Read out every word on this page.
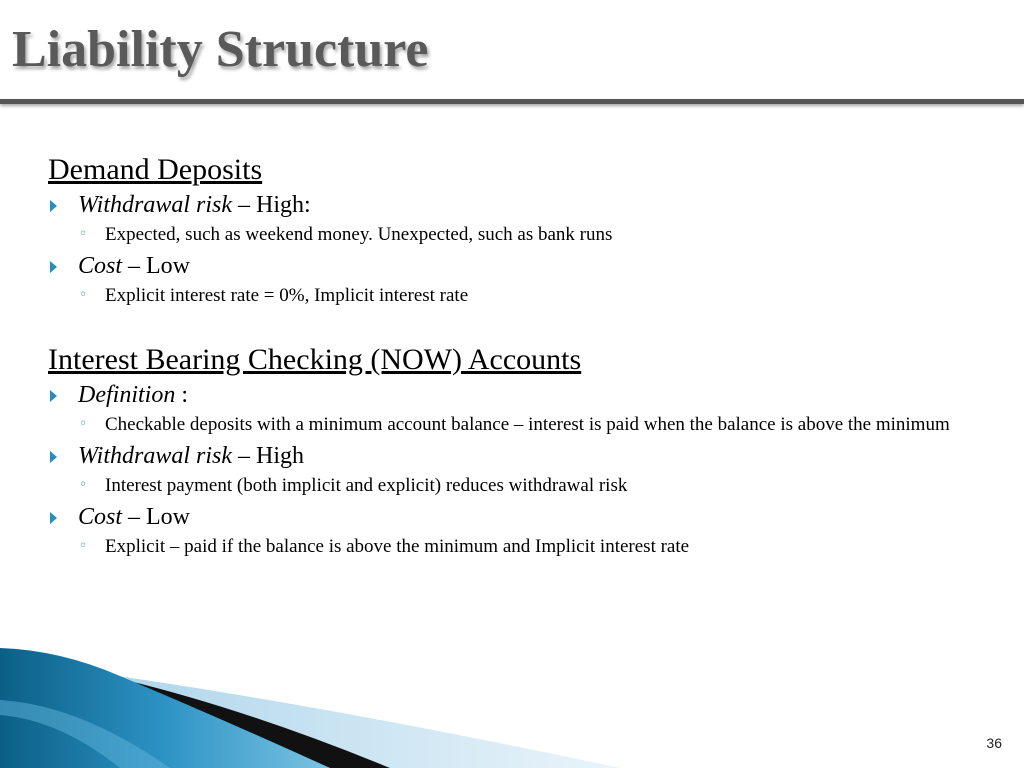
Liability Structure
Demand Deposits
Withdrawal risk – High:
◦ Expected, such as weekend money. Unexpected, such as bank runs
Cost – Low
◦ Explicit interest rate = 0%, Implicit interest rate
Interest Bearing Checking (NOW) Accounts
Definition :
◦ Checkable deposits with a minimum account balance – interest is paid when the balance is above the minimum
Withdrawal risk – High
◦ Interest payment (both implicit and explicit) reduces withdrawal risk
Cost – Low
◦ Explicit – paid if the balance is above the minimum and Implicit interest rate
36
